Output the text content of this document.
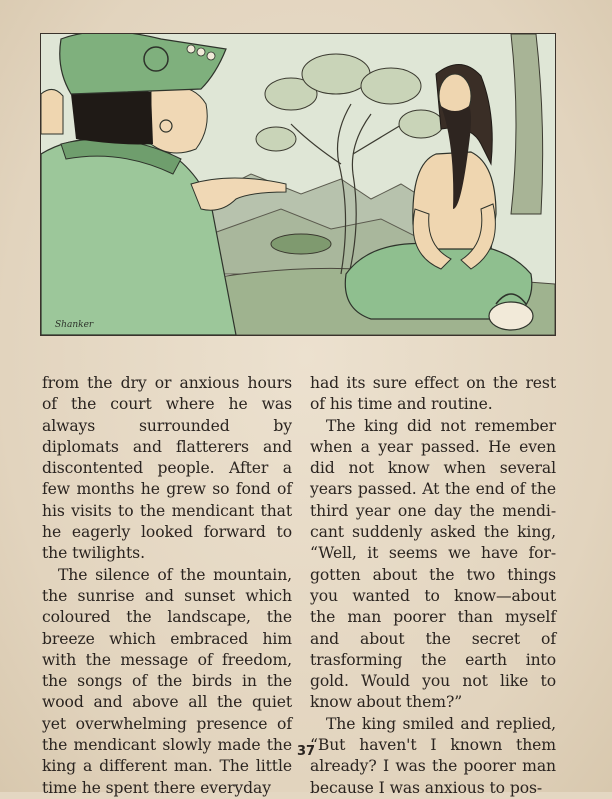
Shanker

from the dry or anxious hours of the court where he was always surrounded by diplomats and flatterers and discontented people. After a few months he grew so fond of his visits to the mendicant that he eagerly looked forward to the twilights.

The silence of the mountain, the sunrise and sunset which coloured the landscape, the breeze which embraced him with the message of freedom, the songs of the birds in the wood and above all the quiet yet overwhelming presence of the mendicant slowly made the king a different man. The little time he spent there everyday

had its sure effect on the rest of his time and routine.

The king did not remember when a year passed. He even did not know when several years passed. At the end of the third year one day the mendi-cant suddenly asked the king, “Well, it seems we have for-gotten about the two things you wanted to know—about the man poorer than myself and about the secret of trasforming the earth into gold. Would you not like to know about them?”

The king smiled and replied, “But haven't I known them already? I was the poorer man because I was anxious to pos-

37
